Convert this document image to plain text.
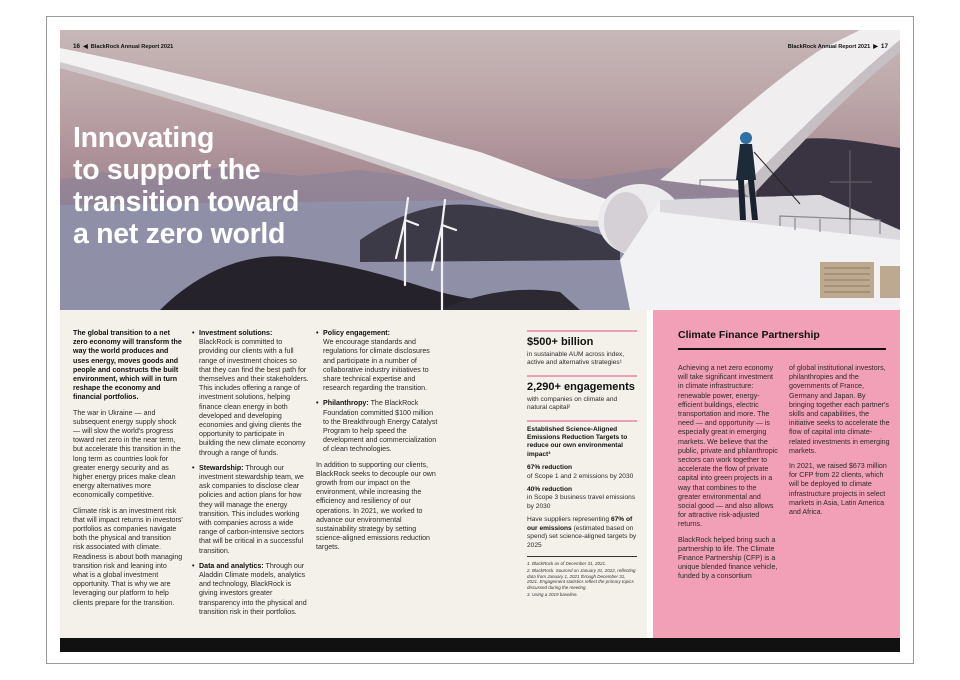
16 ◀ BlackRock Annual Report 2021	BlackRock Annual Report 2021 ▶ 17
Innovating
to support the
transition toward
a net zero world

The global transition to a net zero economy will transform the way the world produces and uses energy, moves goods and people and constructs the built environment, which will in turn reshape the economy and financial portfolios.

The war in Ukraine — and subsequent energy supply shock — will slow the world's progress toward net zero in the near term, but accelerate this transition in the long term as countries look for greater energy security and as higher energy prices make clean energy alternatives more economically competitive.

Climate risk is an investment risk that will impact returns in investors' portfolios as companies navigate both the physical and transition risk associated with climate. Readiness is about both managing transition risk and leaning into what is a global investment opportunity. That is why we are leveraging our platform to help clients prepare for the transition.

• Investment solutions:
BlackRock is committed to providing our clients with a full range of investment choices so that they can find the best path for themselves and their stakeholders. This includes offering a range of investment solutions, helping finance clean energy in both developed and developing economies and giving clients the opportunity to participate in building the new climate economy through a range of funds.
• Stewardship: Through our investment stewardship team, we ask companies to disclose clear policies and action plans for how they will manage the energy transition. This includes working with companies across a wide range of carbon-intensive sectors that will be critical in a successful transition.
• Data and analytics: Through our Aladdin Climate models, analytics and technology, BlackRock is giving investors greater transparency into the physical and transition risk in their portfolios.
• Policy engagement:
We encourage standards and regulations for climate disclosures and participate in a number of collaborative industry initiatives to share technical expertise and research regarding the transition.
• Philanthropy: The BlackRock Foundation committed $100 million to the Breakthrough Energy Catalyst Program to help speed the development and commercialization of clean technologies.

In addition to supporting our clients, BlackRock seeks to decouple our own growth from our impact on the environment, while increasing the efficiency and resiliency of our operations. In 2021, we worked to advance our environmental sustainability strategy by setting science-aligned emissions reduction targets.

$500+ billion
in sustainable AUM across index, active and alternative strategies¹
2,290+ engagements
with companies on climate and natural capital²
Established Science-Aligned Emissions Reduction Targets to reduce our own environmental impact³
67% reduction
of Scope 1 and 2 emissions by 2030
40% reduction
in Scope 3 business travel emissions by 2030
Have suppliers representing 67% of our emissions (estimated based on spend) set science-aligned targets by 2025
1. BlackRock as of December 31, 2021.
2. BlackRock. Sourced on January 31, 2022, reflecting data from January 1, 2021 through December 31, 2021. Engagement statistics reflect the primary topics discussed during the meeting.
3. Using a 2019 baseline.
Climate Finance Partnership

Achieving a net zero economy will take significant investment in climate infrastructure: renewable power, energy-efficient buildings, electric transportation and more. The need — and opportunity — is especially great in emerging markets. We believe that the public, private and philanthropic sectors can work together to accelerate the flow of private capital into green projects in a way that combines to the greater environmental and social good — and also allows for attractive risk-adjusted returns.

BlackRock helped bring such a partnership to life. The Climate Finance Partnership (CFP) is a unique blended finance vehicle, funded by a consortium

of global institutional investors, philanthropies and the governments of France, Germany and Japan. By bringing together each partner's skills and capabilities, the initiative seeks to accelerate the flow of capital into climate-related investments in emerging markets.

In 2021, we raised $673 million for CFP from 22 clients, which will be deployed to climate infrastructure projects in select markets in Asia, Latin America and Africa.
